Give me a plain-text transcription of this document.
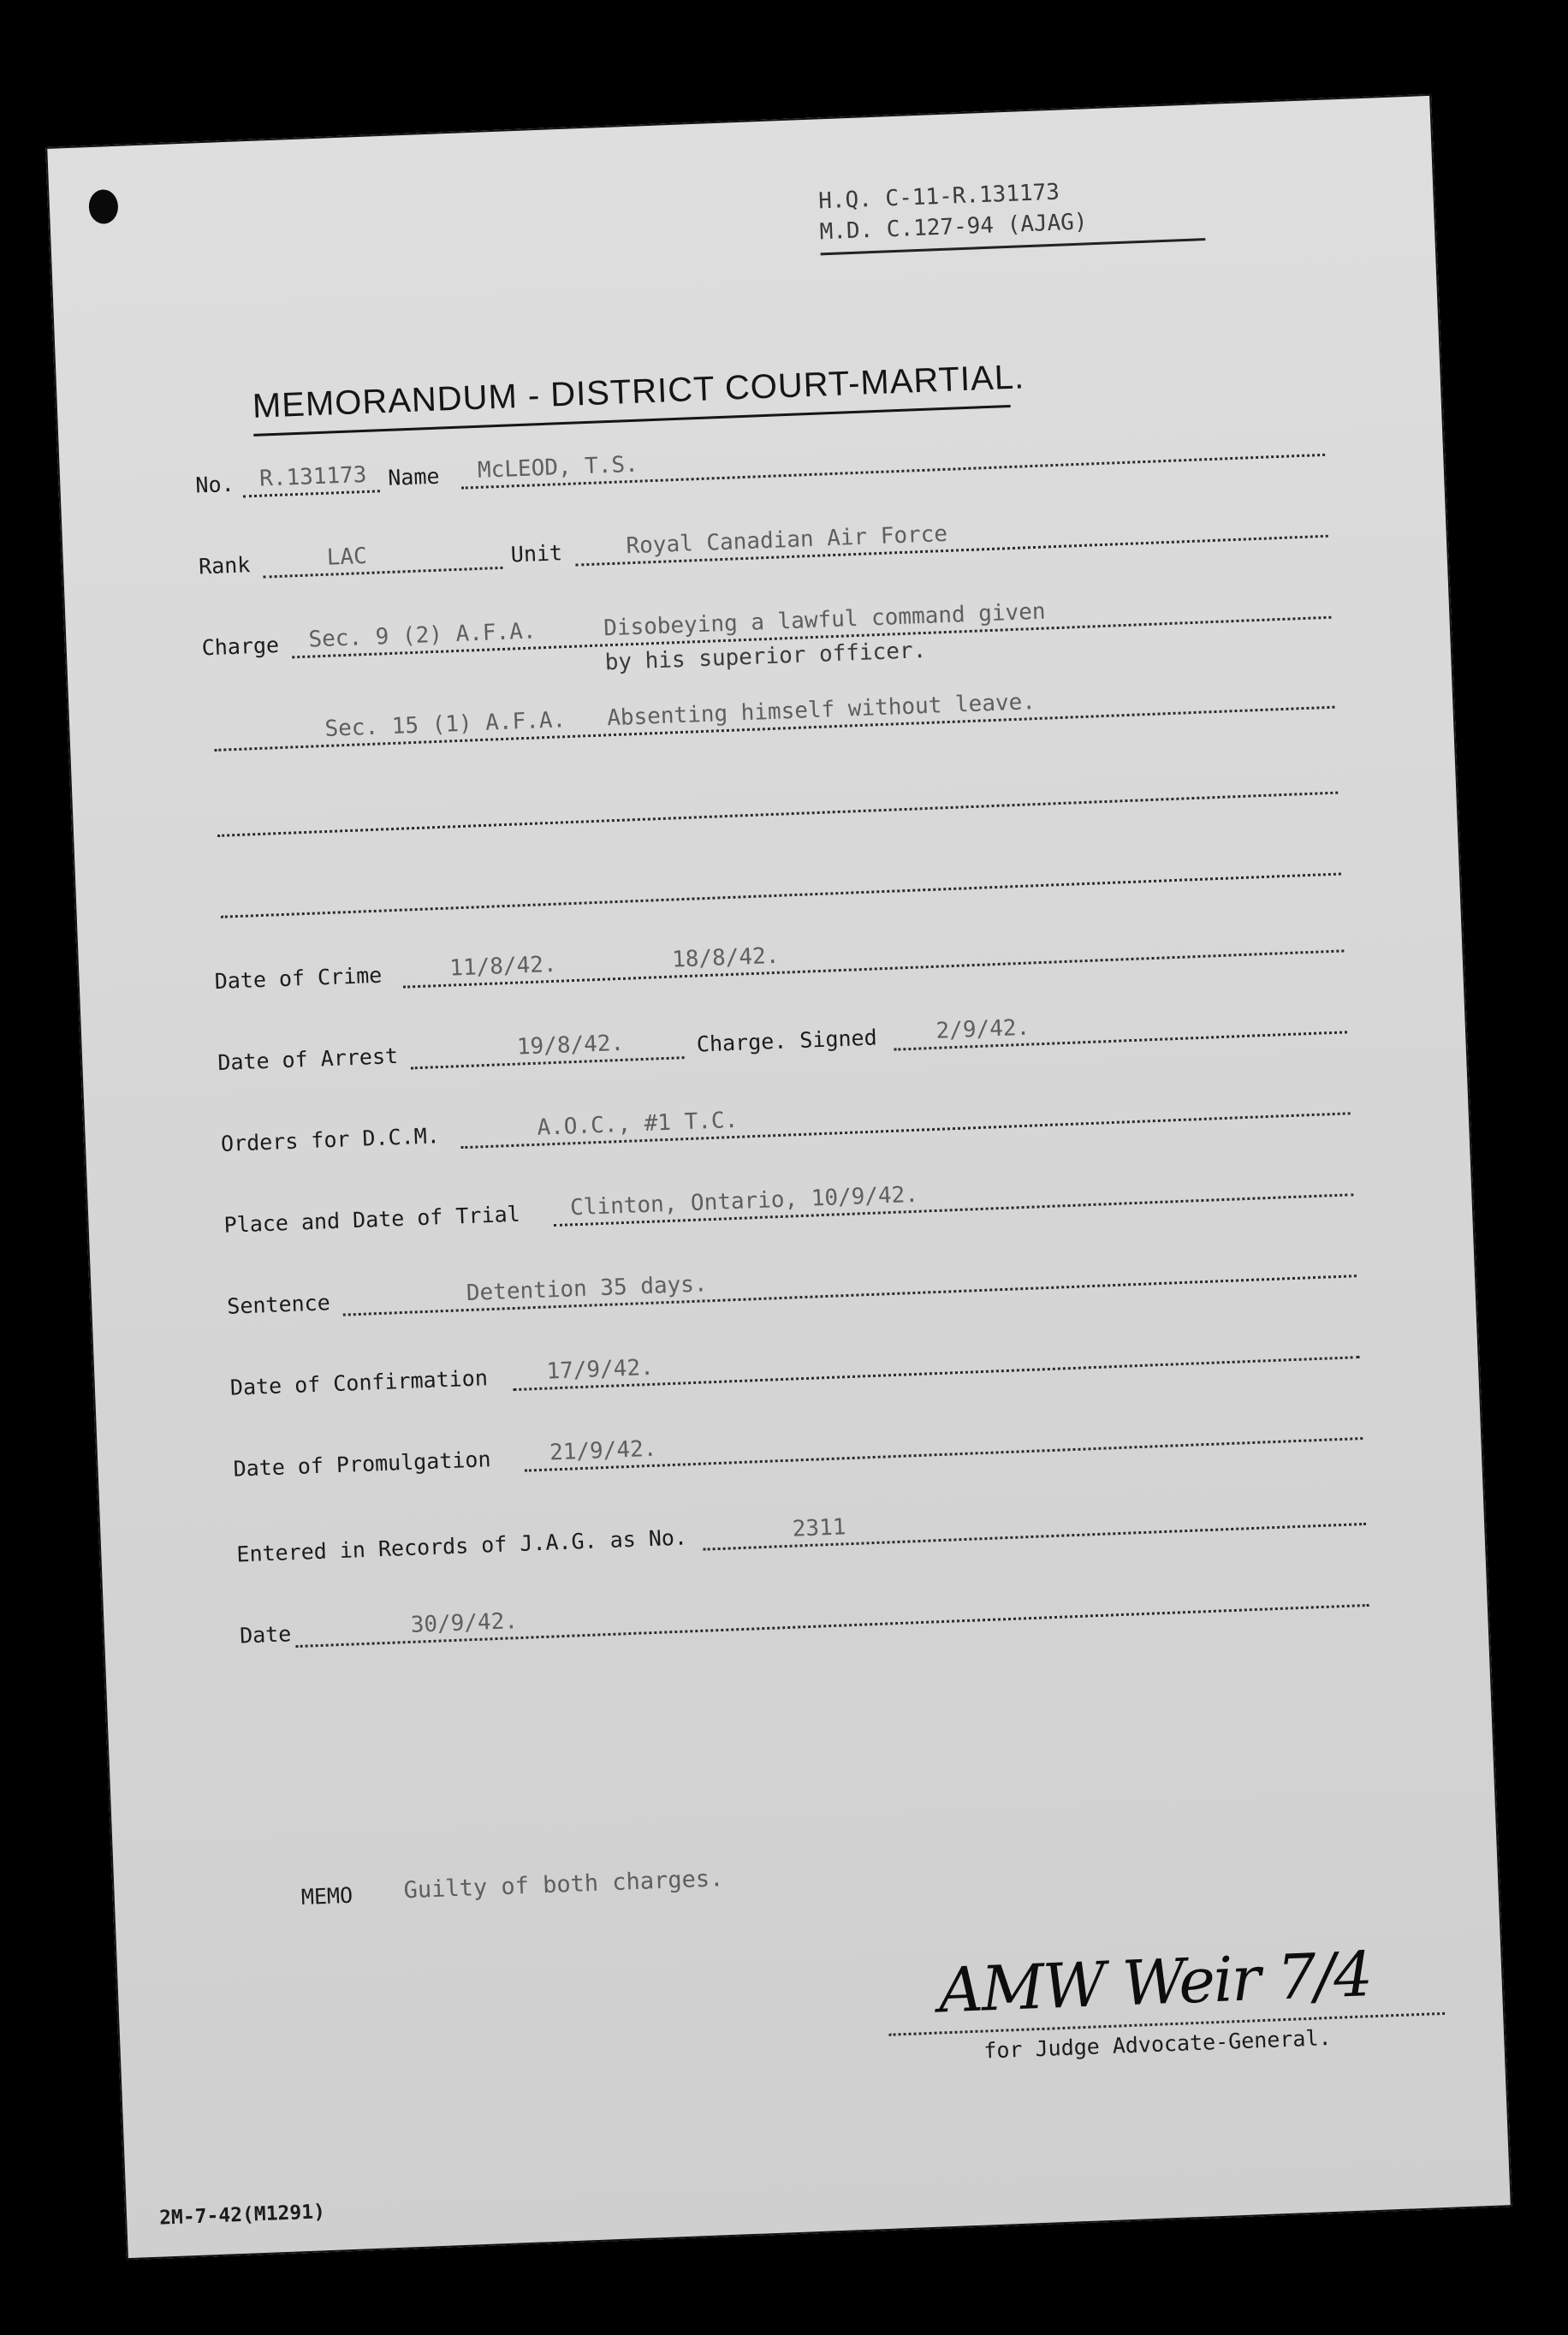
H.Q. C-11-R.131173
M.D. C.127-94 (AJAG)
MEMORANDUM - DISTRICT COURT-MARTIAL.
No. R.131173 Name McLEOD, T.S.
Rank	LAC	Unit	Royal Canadian Air Force
Charge Sec. 9 (2) A.F.A.	Disobeying a lawful command given
by his superior officer.
Sec. 15 (1) A.F.A. Absenting himself without leave.
Date of Crime	11/8/42.	18/8/42.
Date of Arrest	19/8/42.	Charge. Signed	2/9/42.
Orders for D.C.M.	A.O.C., #1 T.C.
Place and Date of Trial Clinton, Ontario, 10/9/42.
Sentence	Detention 35 days.
Date of Confirmation	17/9/42.
Date of Promulgation	21/9/42.
Entered in Records of J.A.G. as No.	2311
Date	30/9/42.
MEMO Guilty of both charges.
AMW Weir 7/4
for Judge Advocate-General.
2M-7-42(M1291)
